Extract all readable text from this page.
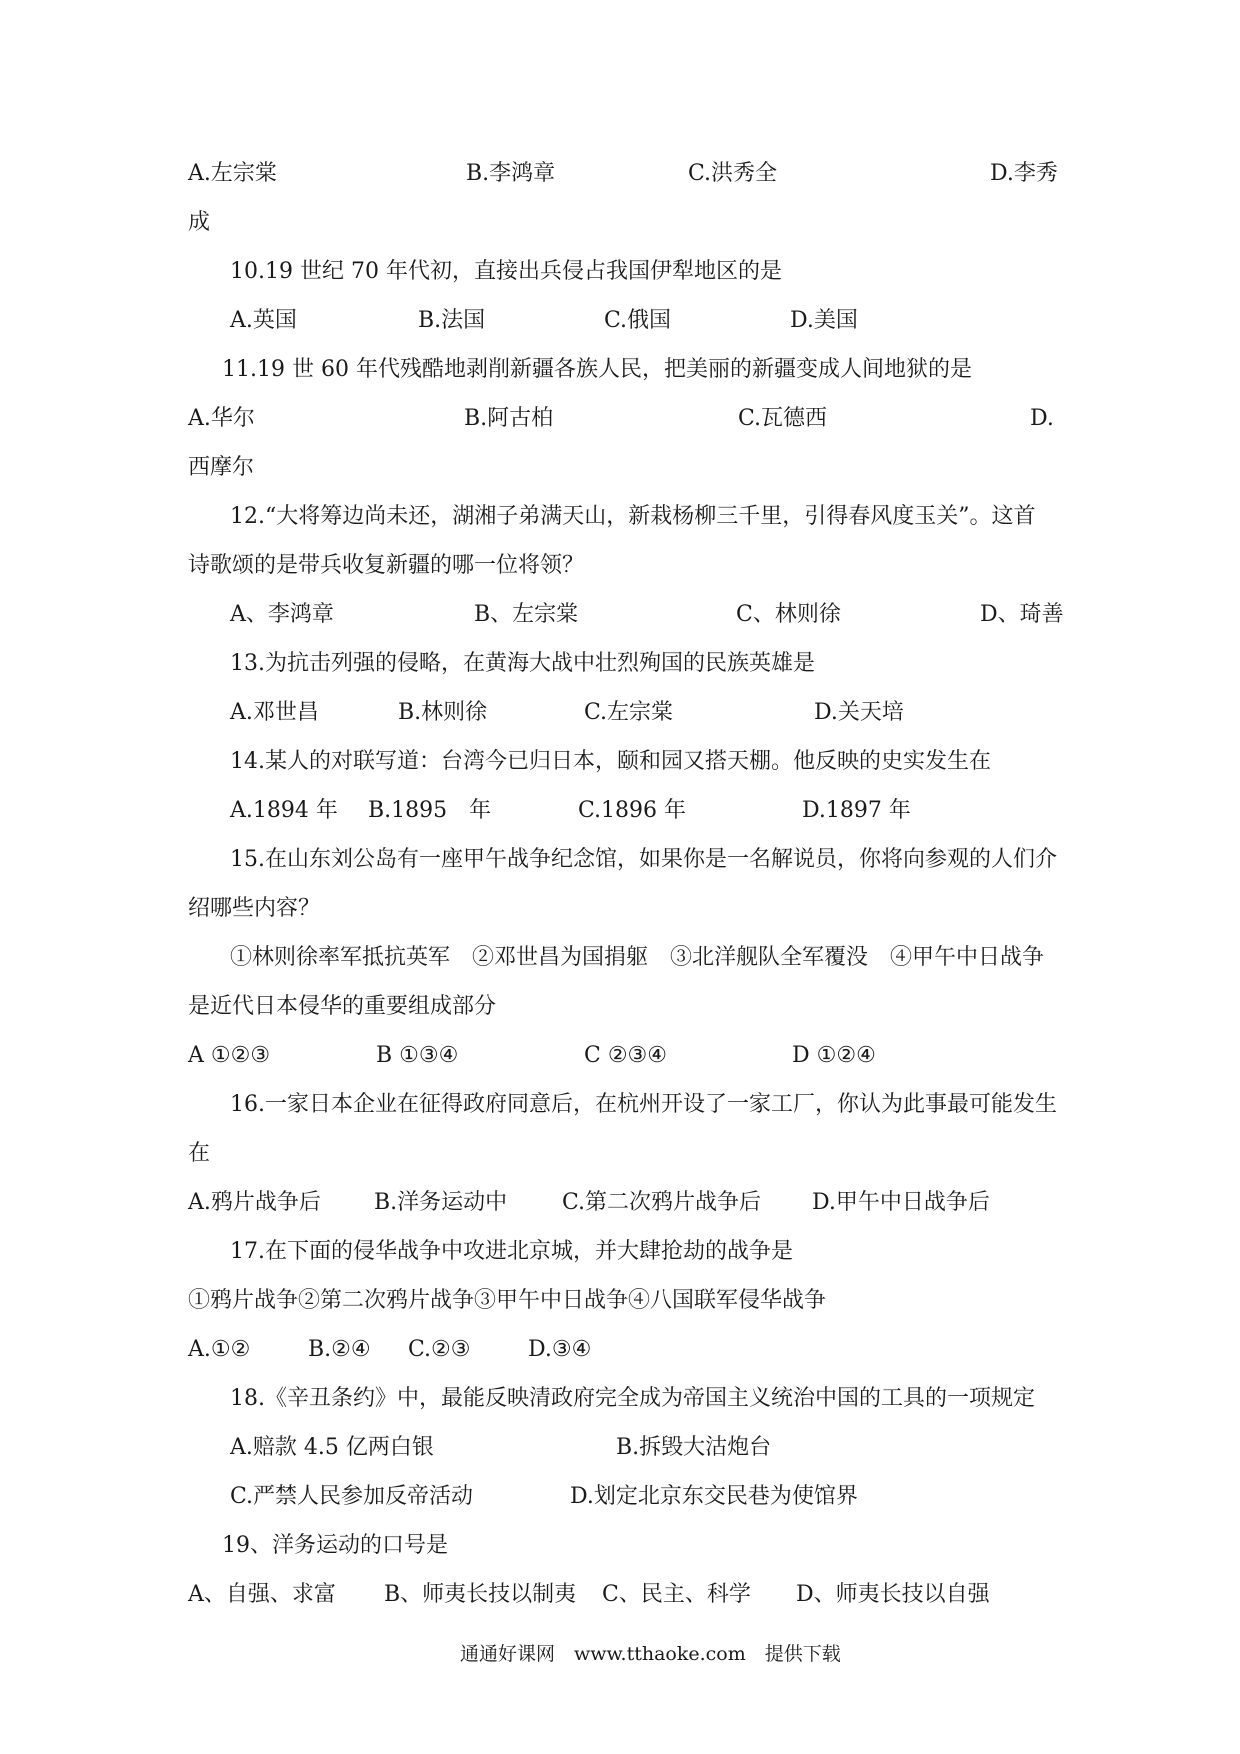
A.左宗棠	B.李鸿章	C.洪秀全	D.李秀
成
10.19 世纪 70 年代初，直接出兵侵占我国伊犁地区的是
A.英国	B.法国	C.俄国	D.美国
11.19 世 60 年代残酷地剥削新疆各族人民，把美丽的新疆变成人间地狱的是
A.华尔	B.阿古柏	C.瓦德西	D.
西摩尔
12.“大将筹边尚未还，湖湘子弟满天山，新栽杨柳三千里，引得春风度玉关”。这首
诗歌颂的是带兵收复新疆的哪一位将领？
A、李鸿章	B、左宗棠	C、林则徐	D、琦善
13.为抗击列强的侵略，在黄海大战中壮烈殉国的民族英雄是
A.邓世昌	B.林则徐	C.左宗棠	D.关天培
14.某人的对联写道：台湾今已归日本，颐和园又搭天棚。他反映的史实发生在
A.1894 年 B.1895　年	C.1896 年	D.1897 年
15.在山东刘公岛有一座甲午战争纪念馆，如果你是一名解说员，你将向参观的人们介
绍哪些内容？
①林则徐率军抵抗英军　②邓世昌为国捐躯　③北洋舰队全军覆没　④甲午中日战争
是近代日本侵华的重要组成部分
A ①②③	B ①③④	C ②③④	D ①②④
16.一家日本企业在征得政府同意后，在杭州开设了一家工厂，你认为此事最可能发生
在
A.鸦片战争后 B.洋务运动中 C.第二次鸦片战争后 D.甲午中日战争后
17.在下面的侵华战争中攻进北京城，并大肆抢劫的战争是
①鸦片战争②第二次鸦片战争③甲午中日战争④八国联军侵华战争
A.①②	B.②④ C.②③	D.③④
18.《辛丑条约》中，最能反映清政府完全成为帝国主义统治中国的工具的一项规定
A.赔款 4.5 亿两白银	B.拆毁大沽炮台
C.严禁人民参加反帝活动	D.划定北京东交民巷为使馆界
19、洋务运动的口号是
A、自强、求富 B、师夷长技以制夷 C、民主、科学 D、师夷长技以自强
通通好课网　www.tthaoke.com　提供下载
